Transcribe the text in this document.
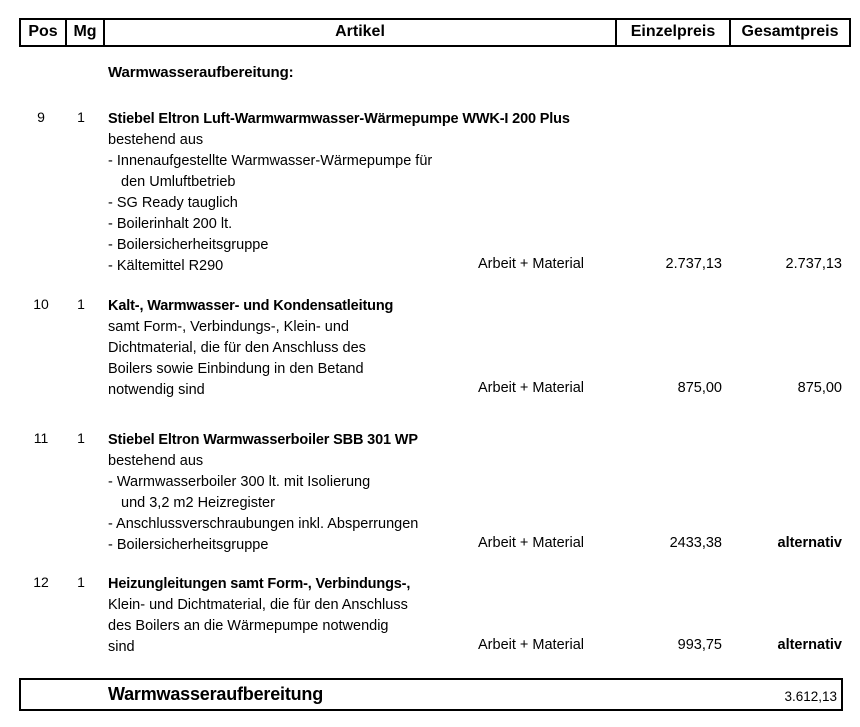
Pos	Mg	Artikel	Einzelpreis	Gesamtpreis
Warmwasseraufbereitung:
9	1	Stiebel Eltron Luft-Warmwarmwasser-Wärmepumpe WWK-I 200 Plus
bestehend aus
- Innenaufgestellte Warmwasser-Wärmepumpe für
den Umluftbetrieb
- SG Ready tauglich
- Boilerinhalt 200 lt.
- Boilersicherheitsgruppe
- Kältemittel R290	Arbeit + Material	2.737,13	2.737,13
10	1	Kalt-, Warmwasser- und Kondensatleitung
samt Form-, Verbindungs-, Klein- und
Dichtmaterial, die für den Anschluss des
Boilers sowie Einbindung in den Betand
notwendig sind	Arbeit + Material	875,00	875,00
11	1	Stiebel Eltron Warmwasserboiler SBB 301 WP
bestehend aus
- Warmwasserboiler 300 lt. mit Isolierung
und 3,2 m2 Heizregister
- Anschlussverschraubungen inkl. Absperrungen
- Boilersicherheitsgruppe	Arbeit + Material	2433,38	alternativ
12	1	Heizungleitungen samt Form-, Verbindungs-,
Klein- und Dichtmaterial, die für den Anschluss
des Boilers an die Wärmepumpe notwendig
sind	Arbeit + Material	993,75	alternativ
Warmwasseraufbereitung	3.612,13
